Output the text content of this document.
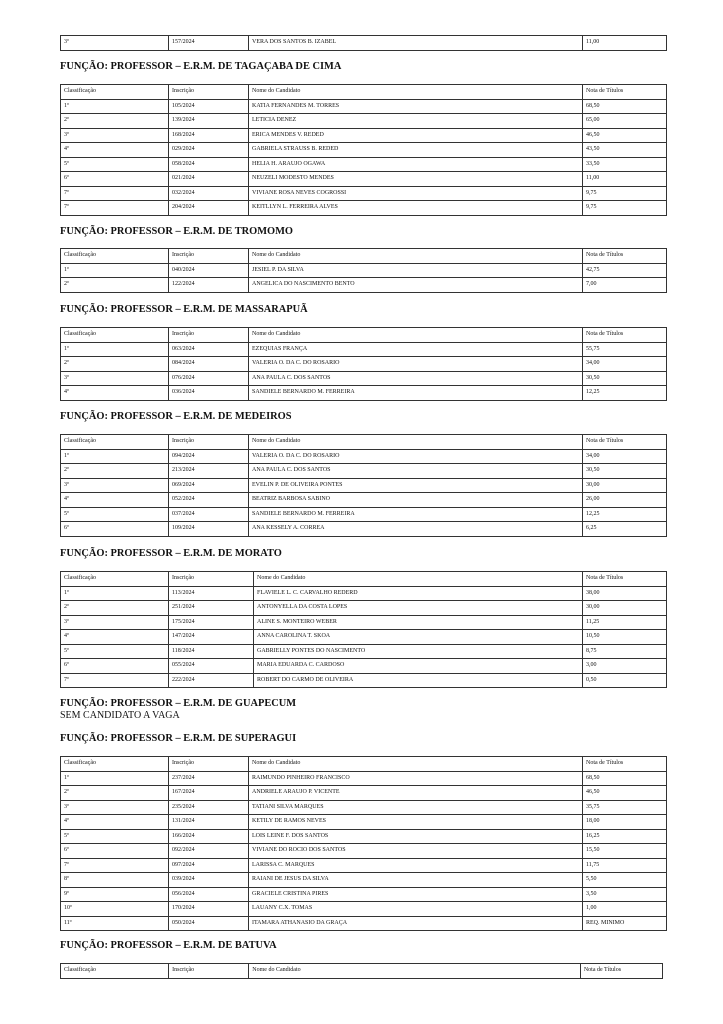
3º	157/2024	VERA DOS SANTOS B. IZABEL	11,00
FUNÇÃO: PROFESSOR – E.R.M. DE TAGAÇABA DE CIMA
Classificação	Inscrição	Nome do Candidato	Nota de Títulos
1º	105/2024	KATIA FERNANDES M. TORRES	68,50
2º	139/2024	LETICIA DENEZ	65,00
3º	168/2024	ERICA MENDES V. REDED	46,50
4º	029/2024	GABRIELA STRAUSS B. REDED	43,50
5º	058/2024	HELIA H. ARAUJO OGAWA	33,50
6º	021/2024	NEUZELI MODESTO MENDES	11,00
7º	032/2024	VIVIANE ROSA NEVES COGROSSI	9,75
7º	204/2024	KEITLLYN L. FERREIRA ALVES	9,75
FUNÇÃO: PROFESSOR – E.R.M. DE TROMOMO
Classificação	Inscrição	Nome do Candidato	Nota de Títulos
1º	040/2024	JESIEL P. DA SILVA	42,75
2º	122/2024	ANGELICA DO NASCIMENTO BENTO	7,00
FUNÇÃO: PROFESSOR – E.R.M. DE MASSARAPUÃ
Classificação	Inscrição	Nome do Candidato	Nota de Títulos
1º	063/2024	EZEQUIAS FRANÇA	55,75
2º	084/2024	VALERIA O. DA C. DO ROSARIO	34,00
3º	076/2024	ANA PAULA C. DOS SANTOS	30,50
4º	036/2024	SANDIELE BERNARDO M. FERREIRA	12,25
FUNÇÃO: PROFESSOR – E.R.M. DE MEDEIROS
Classificação	Inscrição	Nome do Candidato	Nota de Títulos
1º	094/2024	VALERIA O. DA C. DO ROSARIO	34,00
2º	213/2024	ANA PAULA C. DOS SANTOS	30,50
3º	069/2024	EVELIN P. DE OLIVEIRA PONTES	30,00
4º	052/2024	BEATRIZ BARBOSA SABINO	26,00
5º	037/2024	SANDIELE BERNARDO M. FERREIRA	12,25
6º	109/2024	ANA KESSELY A. CORREA	6,25
FUNÇÃO: PROFESSOR – E.R.M. DE MORATO
Classificação	Inscrição	Nome do Candidato	Nota de Títulos
1º	113/2024	FLAVIELE L. C. CARVALHO REDERD	38,00
2º	251/2024	ANTONYELLA DA COSTA LOPES	30,00
3º	175/2024	ALINE S. MONTEIRO WEBER	11,25
4º	147/2024	ANNA CAROLINA T. SKOA	10,50
5º	118/2024	GABRIELLY PONTES DO NASCIMENTO	8,75
6º	055/2024	MARIA EDUARDA C. CARDOSO	3,00
7º	222/2024	ROBERT DO CARMO DE OLIVEIRA	0,50
FUNÇÃO: PROFESSOR – E.R.M. DE GUAPECUM

SEM CANDIDATO A VAGA

FUNÇÃO: PROFESSOR – E.R.M. DE SUPERAGUI
Classificação	Inscrição	Nome do Candidato	Nota de Títulos
1º	237/2024	RAIMUNDO PINHEIRO FRANCISCO	68,50
2º	167/2024	ANDRIELE ARAUJO P. VICENTE	46,50
3º	235/2024	TATIANI SILVA MARQUES	35,75
4º	131/2024	KETILY DE RAMOS NEVES	18,00
5º	166/2024	LOIS LEINE F. DOS SANTOS	16,25
6º	092/2024	VIVIANE DO ROCIO DOS SANTOS	15,50
7º	097/2024	LARISSA C. MARQUES	11,75
8º	039/2024	RAIANI DE JESUS DA SILVA	5,50
9º	056/2024	GRACIELE CRISTINA PIRES	3,50
10º	170/2024	LAUANY C.X. TOMAS	1,00
11º	050/2024	ITAMARA ATHANASIO DA GRAÇA	REQ. MINIMO
FUNÇÃO: PROFESSOR – E.R.M. DE BATUVA
Classificação	Inscrição	Nome do Candidato	Nota de Títulos
